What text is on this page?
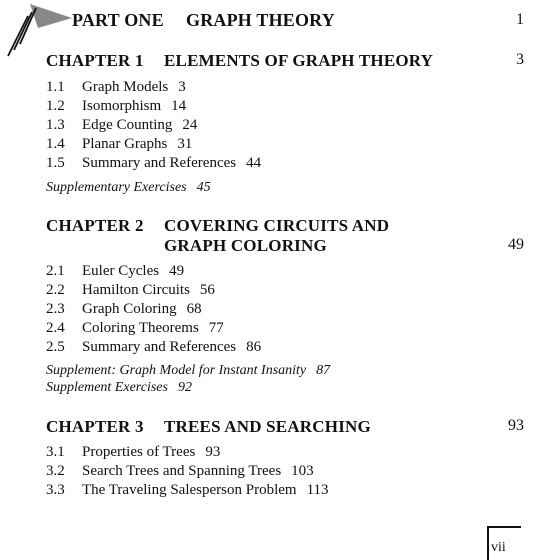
PART ONE GRAPH THEORY	1
CHAPTER 1 ELEMENTS OF GRAPH THEORY	3
1.1 Graph Models 3
1.2 Isomorphism 14
1.3 Edge Counting 24
1.4 Planar Graphs 31
1.5 Summary and References 44
Supplementary Exercises 45
CHAPTER 2 COVERING CIRCUITS AND
GRAPH COLORING	49
2.1 Euler Cycles 49
2.2 Hamilton Circuits 56
2.3 Graph Coloring 68
2.4 Coloring Theorems 77
2.5 Summary and References 86
Supplement: Graph Model for Instant Insanity 87
Supplement Exercises 92
CHAPTER 3 TREES AND SEARCHING	93
3.1 Properties of Trees 93
3.2 Search Trees and Spanning Trees 103
3.3 The Traveling Salesperson Problem 113
vii
